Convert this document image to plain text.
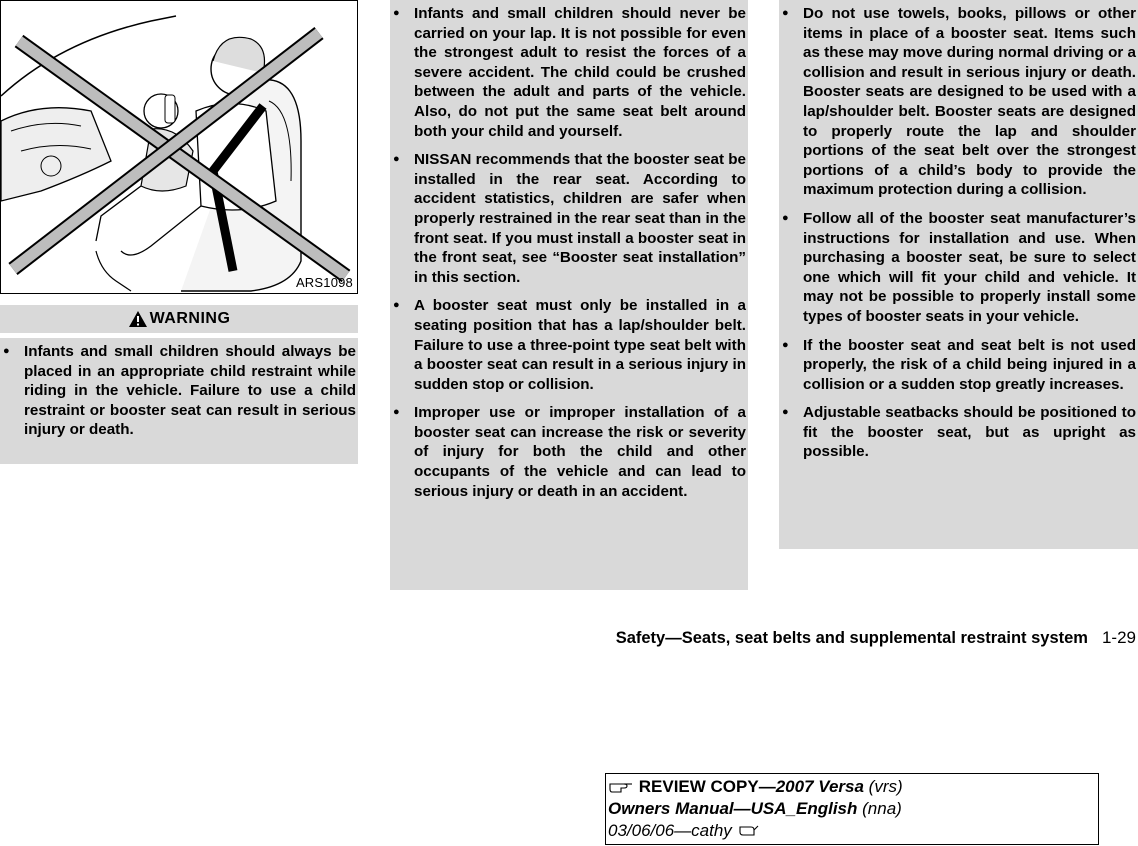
ARS1098
WARNING
● Infants and small children should always be placed in an appropriate child restraint while riding in the vehicle. Failure to use a child restraint or booster seat can result in serious injury or death.
● Infants and small children should never be carried on your lap. It is not possible for even the strongest adult to resist the forces of a severe accident. The child could be crushed between the adult and parts of the vehicle. Also, do not put the same seat belt around both your child and yourself.
● NISSAN recommends that the booster seat be installed in the rear seat. According to accident statistics, children are safer when properly restrained in the rear seat than in the front seat. If you must install a booster seat in the front seat, see “Booster seat installation” in this section.
● A booster seat must only be installed in a seating position that has a lap/shoulder belt. Failure to use a three-point type seat belt with a booster seat can result in a serious injury in sudden stop or collision.
● Improper use or improper installation of a booster seat can increase the risk or severity of injury for both the child and other occupants of the vehicle and can lead to serious injury or death in an accident.
● Do not use towels, books, pillows or other items in place of a booster seat. Items such as these may move during normal driving or a collision and result in serious injury or death. Booster seats are designed to be used with a lap/shoulder belt. Booster seats are designed to properly route the lap and shoulder portions of the seat belt over the strongest portions of a child’s body to provide the maximum protection during a collision.
● Follow all of the booster seat manufacturer’s instructions for installation and use. When purchasing a booster seat, be sure to select one which will fit your child and vehicle. It may not be possible to properly install some types of booster seats in your vehicle.
● If the booster seat and seat belt is not used properly, the risk of a child being injured in a collision or a sudden stop greatly increases.
● Adjustable seatbacks should be positioned to fit the booster seat, but as upright as possible.
Safety—Seats, seat belts and supplemental restraint system 1-29
REVIEW COPY—2007 Versa (vrs)
Owners Manual—USA_English (nna)
03/06/06—cathy
